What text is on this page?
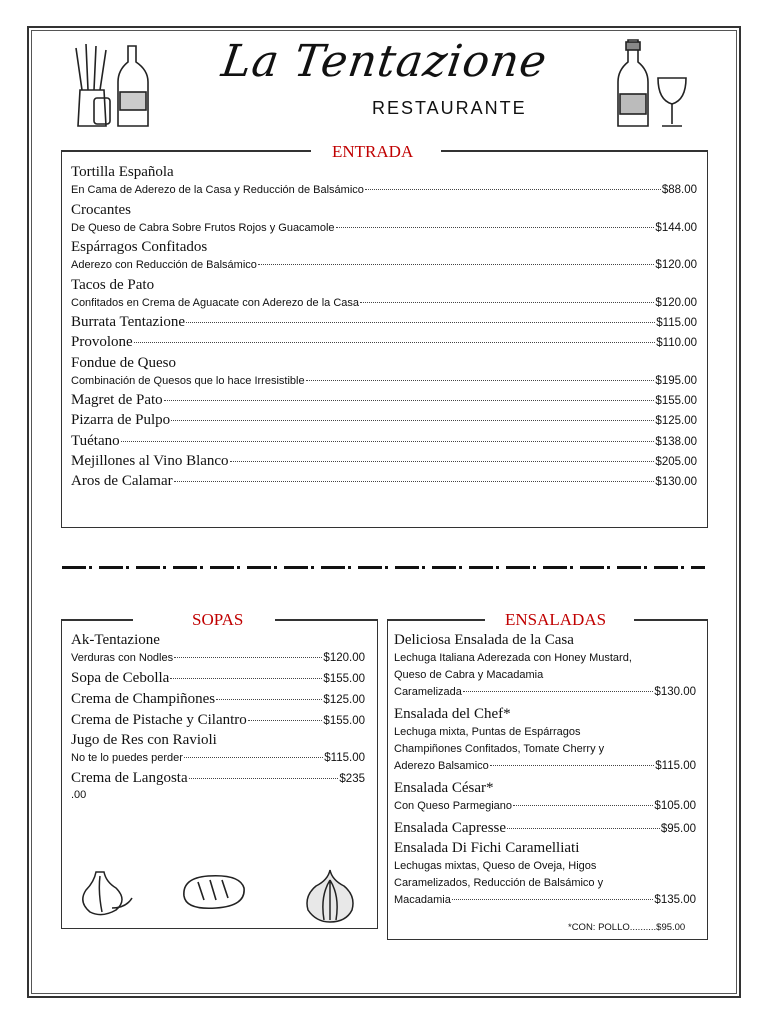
La Tentazione
RESTAURANTE
ENTRADA
Tortilla Española
En Cama de Aderezo de la Casa y Reducción de Balsámico	$88.00
Crocantes
De Queso de Cabra Sobre Frutos Rojos y Guacamole	$144.00
Espárragos Confitados
Aderezo con Reducción de Balsámico	$120.00
Tacos de Pato
Confitados en Crema de Aguacate con Aderezo de la Casa	$120.00
Burrata Tentazione	$115.00
Provolone	$110.00
Fondue de Queso
Combinación de Quesos que lo hace Irresistible	$195.00
Magret de Pato	$155.00
Pizarra de Pulpo	$125.00
Tuétano	$138.00
Mejillones al Vino Blanco	$205.00
Aros de Calamar	$130.00
SOPAS
Ak-Tentazione
Verduras con Nodles	$120.00
Sopa de Cebolla	$155.00
Crema de Champiñones	$125.00
Crema de Pistache y Cilantro	$155.00
Jugo de Res con Ravioli
No te lo puedes perder	$115.00
Crema de Langosta	$235
.00
ENSALADAS
Deliciosa Ensalada de la Casa
Lechuga Italiana Aderezada con Honey Mustard,
Queso de Cabra y Macadamia
Caramelizada	$130.00
Ensalada del Chef*
Lechuga mixta, Puntas de Espárragos
Champiñones Confitados, Tomate Cherry y
Aderezo Balsamico	$115.00
Ensalada César*
Con Queso Parmegiano	$105.00
Ensalada Capresse	$95.00
Ensalada Di Fichi Caramelliati
Lechugas mixtas, Queso de Oveja, Higos
Caramelizados, Reducción de Balsámico y
Macadamia	$135.00
*CON: POLLO..........$95.00
